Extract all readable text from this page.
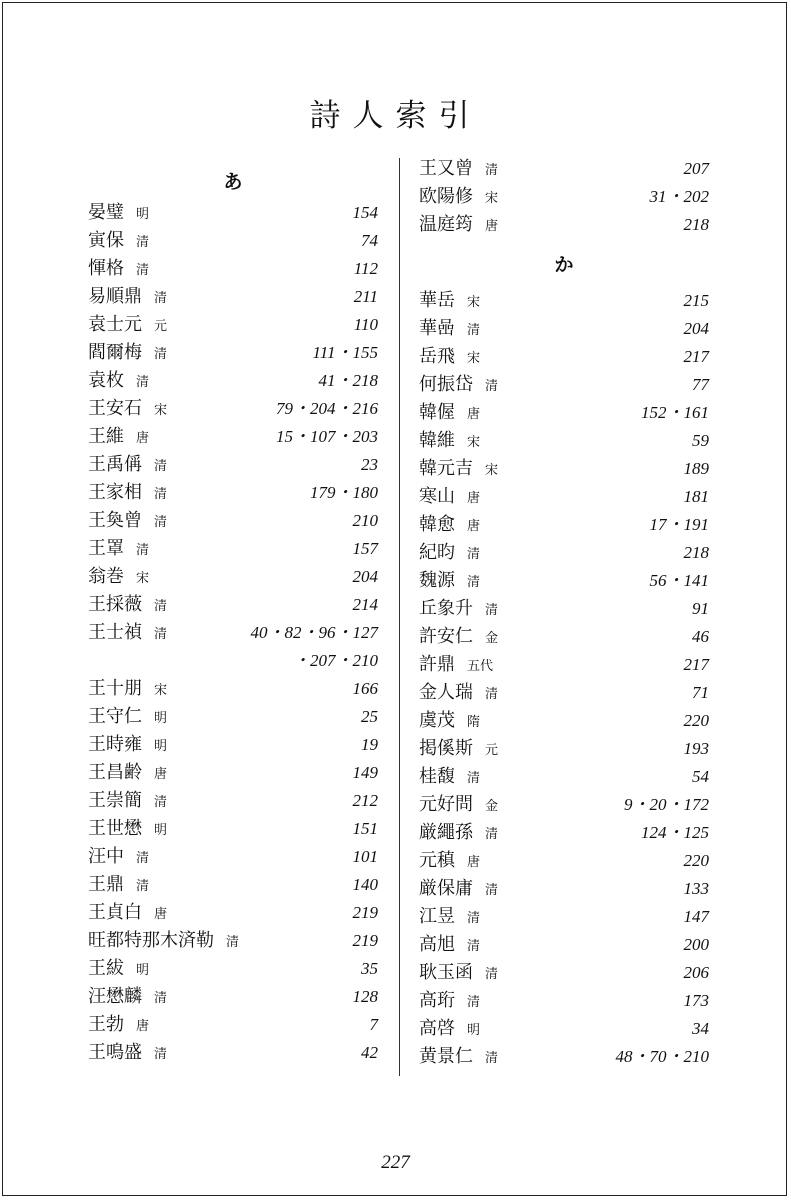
詩人索引
あ
晏璧 明	154
寅保 清	74
惲格 清	112
易順鼎 清	211
袁士元 元	110
閻爾梅 清	111・155
袁枚 清	41・218
王安石 宋	79・204・216
王維 唐	15・107・203
王禹偁 清	23
王家相 清	179・180
王奐曾 清	210
王罩 清	157
翁巻 宋	204
王採薇 清	214
王士禎 清	40・82・96・127
・207・210
王十朋 宋	166
王守仁 明	25
王時雍 明	19
王昌齢 唐	149
王崇簡 清	212
王世懋 明	151
汪中 清	101
王鼎 清	140
王貞白 唐	219
旺都特那木済勒 清	219
王紱 明	35
汪懋麟 清	128
王勃 唐	7
王鳴盛 清	42
王又曾 清	207
欧陽修 宋	31・202
温庭筠 唐	218
か
華岳 宋	215
華喦 清	204
岳飛 宋	217
何振岱 清	77
韓偓 唐	152・161
韓維 宋	59
韓元吉 宋	189
寒山 唐	181
韓愈 唐	17・191
紀昀 清	218
魏源 清	56・141
丘象升 清	91
許安仁 金	46
許鼎 五代	217
金人瑞 清	71
虞茂 隋	220
掲傒斯 元	193
桂馥 清	54
元好問 金	9・20・172
厳繩孫 清	124・125
元稹 唐	220
厳保庸 清	133
江昱 清	147
高旭 清	200
耿玉函 清	206
高珩 清	173
高啓 明	34
黄景仁 清	48・70・210
227
